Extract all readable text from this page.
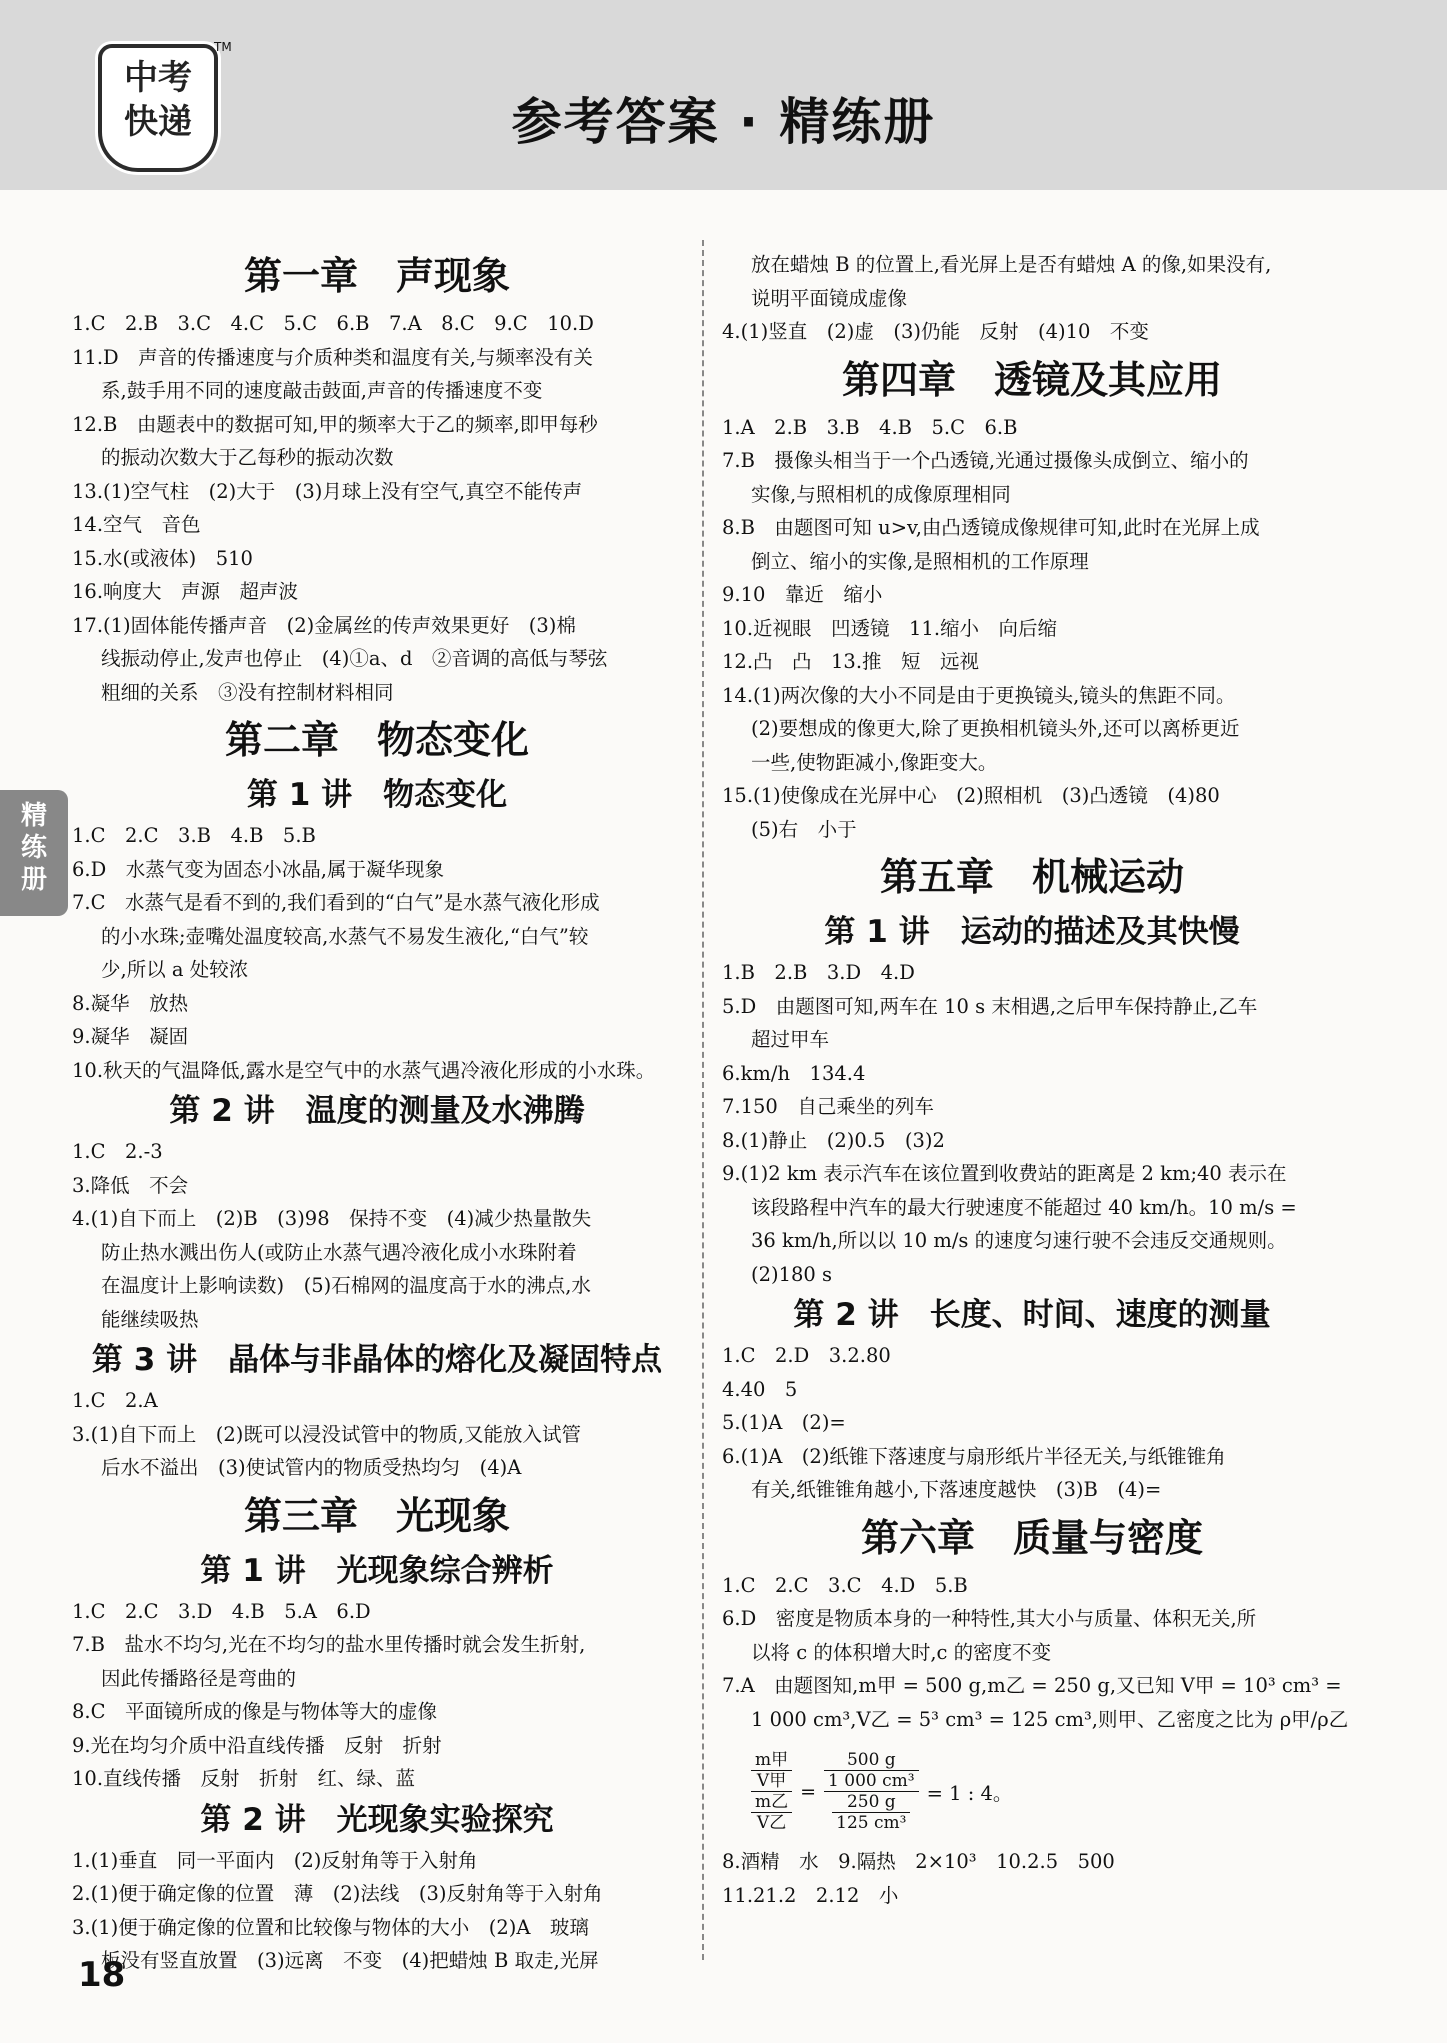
中考
快递
TM
参考答案 · 精练册
精
练
册
第一章　声现象
1.C　2.B　3.C　4.C　5.C　6.B　7.A　8.C　9.C　10.D
11.D　声音的传播速度与介质种类和温度有关,与频率没有关
系,鼓手用不同的速度敲击鼓面,声音的传播速度不变
12.B　由题表中的数据可知,甲的频率大于乙的频率,即甲每秒
的振动次数大于乙每秒的振动次数
13.(1)空气柱　(2)大于　(3)月球上没有空气,真空不能传声
14.空气　音色
15.水(或液体)　510
16.响度大　声源　超声波
17.(1)固体能传播声音　(2)金属丝的传声效果更好　(3)棉
线振动停止,发声也停止　(4)①a、d　②音调的高低与琴弦
粗细的关系　③没有控制材料相同
第二章　物态变化
第 1 讲　物态变化
1.C　2.C　3.B　4.B　5.B
6.D　水蒸气变为固态小冰晶,属于凝华现象
7.C　水蒸气是看不到的,我们看到的“白气”是水蒸气液化形成
的小水珠;壶嘴处温度较高,水蒸气不易发生液化,“白气”较
少,所以 a 处较浓
8.凝华　放热
9.凝华　凝固
10.秋天的气温降低,露水是空气中的水蒸气遇冷液化形成的小水珠。
第 2 讲　温度的测量及水沸腾
1.C　2.-3
3.降低　不会
4.(1)自下而上　(2)B　(3)98　保持不变　(4)减少热量散失
防止热水溅出伤人(或防止水蒸气遇冷液化成小水珠附着
在温度计上影响读数)　(5)石棉网的温度高于水的沸点,水
能继续吸热
第 3 讲　晶体与非晶体的熔化及凝固特点
1.C　2.A
3.(1)自下而上　(2)既可以浸没试管中的物质,又能放入试管
后水不溢出　(3)使试管内的物质受热均匀　(4)A
第三章　光现象
第 1 讲　光现象综合辨析
1.C　2.C　3.D　4.B　5.A　6.D
7.B　盐水不均匀,光在不均匀的盐水里传播时就会发生折射,
因此传播路径是弯曲的
8.C　平面镜所成的像是与物体等大的虚像
9.光在均匀介质中沿直线传播　反射　折射
10.直线传播　反射　折射　红、绿、蓝
第 2 讲　光现象实验探究
1.(1)垂直　同一平面内　(2)反射角等于入射角
2.(1)便于确定像的位置　薄　(2)法线　(3)反射角等于入射角
3.(1)便于确定像的位置和比较像与物体的大小　(2)A　玻璃
板没有竖直放置　(3)远离　不变　(4)把蜡烛 B 取走,光屏
放在蜡烛 B 的位置上,看光屏上是否有蜡烛 A 的像,如果没有,
说明平面镜成虚像
4.(1)竖直　(2)虚　(3)仍能　反射　(4)10　不变
第四章　透镜及其应用
1.A　2.B　3.B　4.B　5.C　6.B
7.B　摄像头相当于一个凸透镜,光通过摄像头成倒立、缩小的
实像,与照相机的成像原理相同
8.B　由题图可知 u>v,由凸透镜成像规律可知,此时在光屏上成
倒立、缩小的实像,是照相机的工作原理
9.10　靠近　缩小
10.近视眼　凹透镜　11.缩小　向后缩
12.凸　凸　13.推　短　远视
14.(1)两次像的大小不同是由于更换镜头,镜头的焦距不同。
(2)要想成的像更大,除了更换相机镜头外,还可以离桥更近
一些,使物距减小,像距变大。
15.(1)使像成在光屏中心　(2)照相机　(3)凸透镜　(4)80
(5)右　小于
第五章　机械运动
第 1 讲　运动的描述及其快慢
1.B　2.B　3.D　4.D
5.D　由题图可知,两车在 10 s 末相遇,之后甲车保持静止,乙车
超过甲车
6.km/h　134.4
7.150　自己乘坐的列车
8.(1)静止　(2)0.5　(3)2
9.(1)2 km 表示汽车在该位置到收费站的距离是 2 km;40 表示在
该段路程中汽车的最大行驶速度不能超过 40 km/h。10 m/s =
36 km/h,所以以 10 m/s 的速度匀速行驶不会违反交通规则。
(2)180 s
第 2 讲　长度、时间、速度的测量
1.C　2.D　3.2.80
4.40　5
5.(1)A　(2)=
6.(1)A　(2)纸锥下落速度与扇形纸片半径无关,与纸锥锥角
有关,纸锥锥角越小,下落速度越快　(3)B　(4)=
第六章　质量与密度
1.C　2.C　3.C　4.D　5.B
6.D　密度是物质本身的一种特性,其大小与质量、体积无关,所
以将 c 的体积增大时,c 的密度不变
7.A　由题图知,m甲 = 500 g,m乙 = 250 g,又已知 V甲 = 10³ cm³ =
1 000 cm³,V乙 = 5³ cm³ = 125 cm³,则甲、乙密度之比为 ρ甲/ρ乙
$\frac{\frac{\text{m甲}}{\text{V甲}}}{\frac{\text{m乙}}{\text{V乙}}} = \frac{\frac{500 g}{\text{1 000 cm³}}}{\frac{250 g}{\text{125 cm³}}} = 1$ : 4。
8.酒精　水　9.隔热　2×10³　10.2.5　500
11.21.2　2.12　小
18
